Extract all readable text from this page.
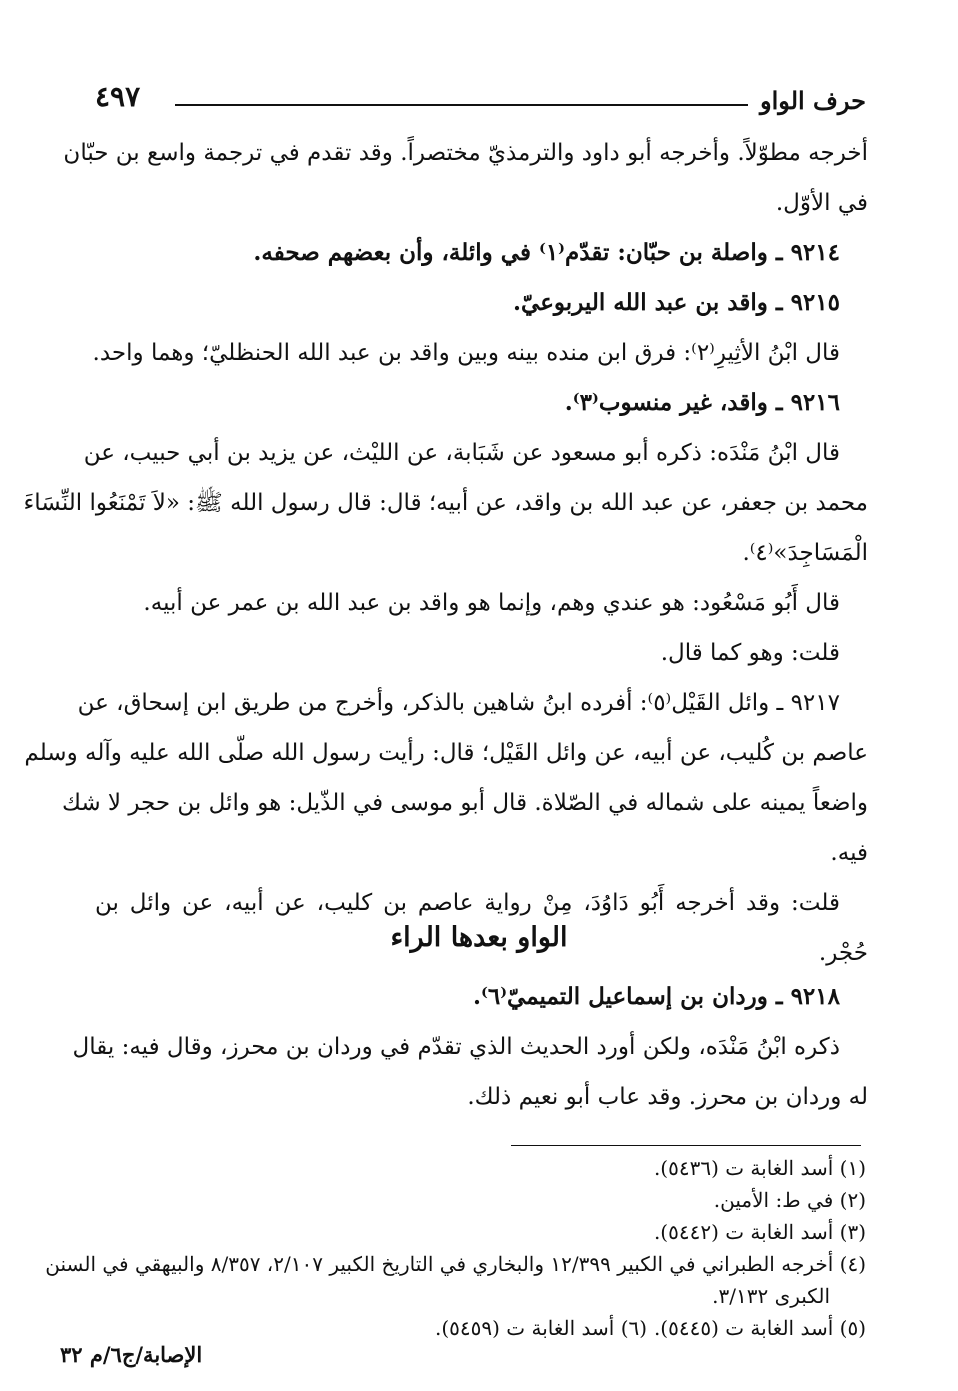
حرف الواو
٤٩٧
أخرجه مطوّلاً. وأخرجه أبو داود والترمذيّ مختصراً. وقد تقدم في ترجمة واسع بن حبّان
في الأوّل.
٩٢١٤ ـ واصلة بن حبّان: تقدّم⁽١⁾ في وائلة، وأن بعضهم صحفه.
٩٢١٥ ـ واقد بن عبد الله اليربوعيّ.
قال ابْنُ الأثِيرِ⁽٢⁾: فرق ابن منده بينه وبين واقد بن عبد الله الحنظليّ؛ وهما واحد.
٩٢١٦ ـ واقد، غير منسوب⁽٣⁾.
قال ابْنُ مَنْدَه: ذكره أبو مسعود عن شَبَابة، عن الليْث، عن يزيد بن أبي حبيب، عن
محمد بن جعفر، عن عبد الله بن واقد، عن أبيه؛ قال: قال رسول الله ﷺ: «لاَ تَمْنَعُوا النِّسَاءَ
الْمَسَاجِدَ»⁽٤⁾.
قال أَبُو مَسْعُود: هو عندي وهم، وإنما هو واقد بن عبد الله بن عمر عن أبيه.
قلت: وهو كما قال.
٩٢١٧ ـ وائل القَيْل⁽٥⁾: أفرده ابنُ شاهين بالذكر، وأخرج من طريق ابن إسحاق، عن
عاصم بن كُليب، عن أبيه، عن وائل القَيْل؛ قال: رأيت رسول الله صلّى الله عليه وآله وسلم
واضعاً يمينه على شماله في الصّلاة. قال أبو موسى في الذّيل: هو وائل بن حجر لا شك
فيه.
قلت: وقد أخرجه أَبُو دَاوُدَ، مِنْ رواية عاصم بن كليب، عن أبيه، عن وائل بن
حُجْر.
الواو بعدها الراء
٩٢١٨ ـ وردان بن إسماعيل التميميّ⁽٦⁾.
ذكره ابْنُ مَنْدَه، ولكن أورد الحديث الذي تقدّم في وردان بن محرز، وقال فيه: يقال
له وردان بن محرز. وقد عاب أبو نعيم ذلك.
(١) أسد الغابة ت (٥٤٣٦).
(٢) في ط: الأمين.
(٣) أسد الغابة ت (٥٤٤٢).
(٤) أخرجه الطبراني في الكبير ١٢/٣٩٩ والبخاري في التاريخ الكبير ٢/١٠٧، ٨/٣٥٧ والبيهقي في السنن
الكبرى ٣/١٣٢.
(٥) أسد الغابة ت (٥٤٤٥).
(٦) أسد الغابة ت (٥٤٥٩).
الإصابة/ج٦/م ٣٢
